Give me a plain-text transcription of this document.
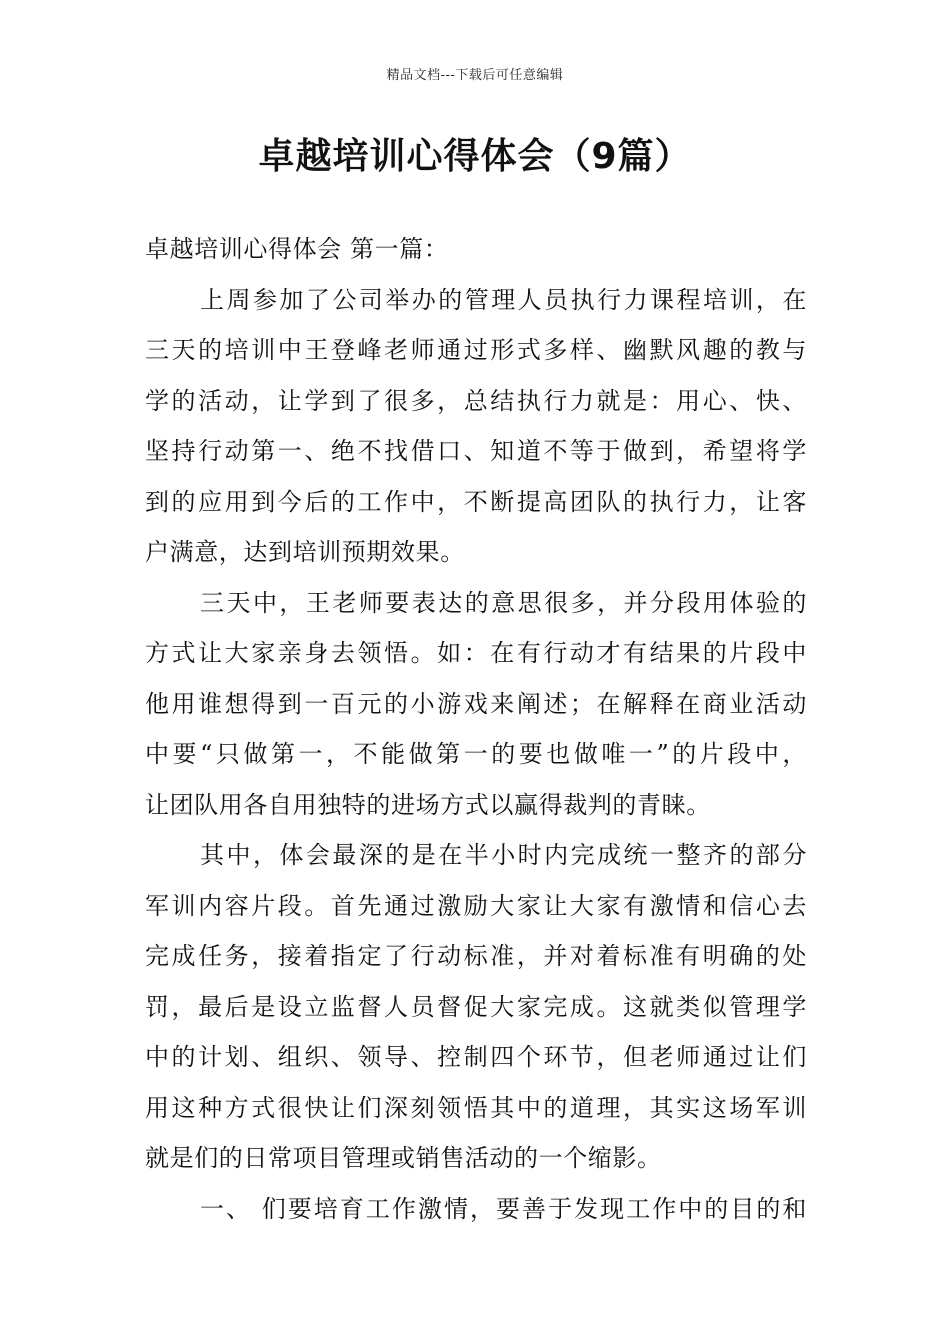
精品文档---下载后可任意编辑
卓越培训心得体会（9篇）
卓越培训心得体会 第一篇：
上周参加了公司举办的管理人员执行力课程培训，在
三天的培训中王登峰老师通过形式多样、幽默风趣的教与
学的活动，让学到了很多，总结执行力就是：用心、快、
坚持行动第一、绝不找借口、知道不等于做到，希望将学
到的应用到今后的工作中，不断提高团队的执行力，让客
户满意，达到培训预期效果。
三天中，王老师要表达的意思很多，并分段用体验的
方式让大家亲身去领悟。如：在有行动才有结果的片段中
他用谁想得到一百元的小游戏来阐述；在解释在商业活动
中要“只做第一，不能做第一的要也做唯一”的片段中，
让团队用各自用独特的进场方式以赢得裁判的青睐。
其中，体会最深的是在半小时内完成统一整齐的部分
军训内容片段。首先通过激励大家让大家有激情和信心去
完成任务，接着指定了行动标准，并对着标准有明确的处
罚，最后是设立监督人员督促大家完成。这就类似管理学
中的计划、组织、领导、控制四个环节，但老师通过让们
用这种方式很快让们深刻领悟其中的道理，其实这场军训
就是们的日常项目管理或销售活动的一个缩影。
一、 们要培育工作激情，要善于发现工作中的目的和
